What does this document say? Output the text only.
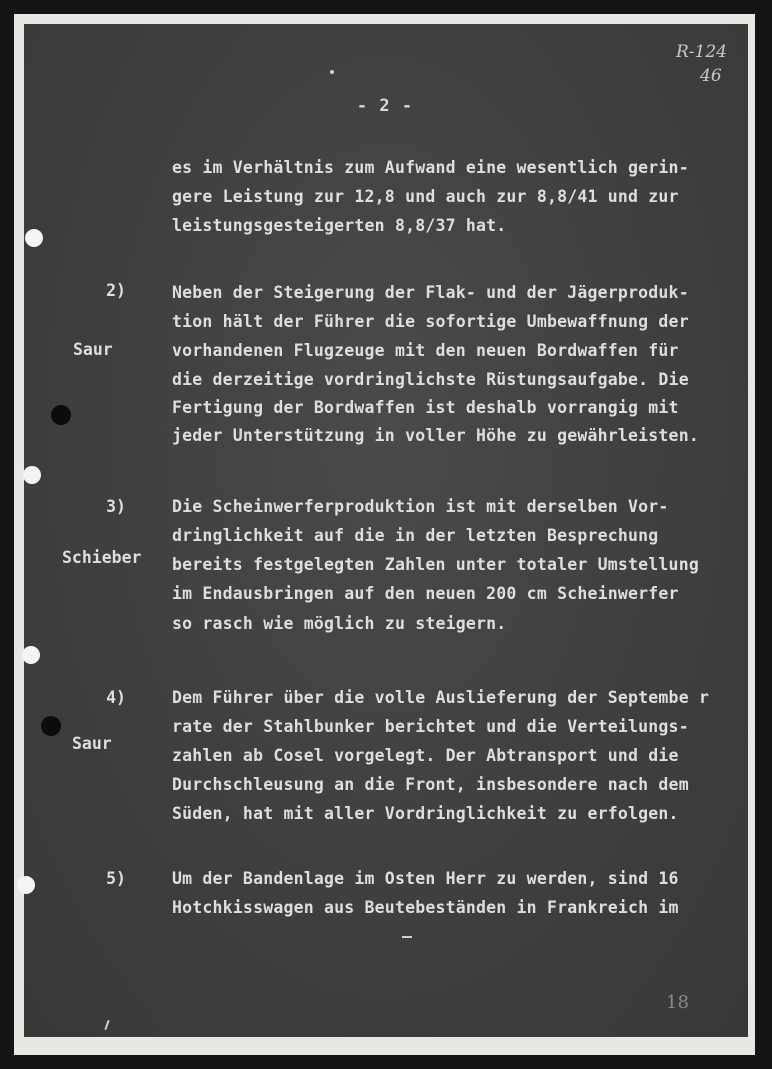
R-124
46
- 2 -
es im Verhältnis zum Aufwand eine wesentlich gerin-
gere Leistung zur 12,8 und auch zur 8,8/41 und zur
leistungsgesteigerten 8,8/37 hat.
2)
Saur
Neben der Steigerung der Flak- und der Jägerproduk-
tion hält der Führer die sofortige Umbewaffnung der
vorhandenen Flugzeuge mit den neuen Bordwaffen für
die derzeitige vordringlichste Rüstungsaufgabe. Die
Fertigung der Bordwaffen ist deshalb vorrangig mit
jeder Unterstützung in voller Höhe zu gewährleisten.
3)
Schieber
Die Scheinwerferproduktion ist mit derselben Vor-
dringlichkeit auf die in der letzten Besprechung
bereits festgelegten Zahlen unter totaler Umstellung
im Endausbringen auf den neuen 200 cm Scheinwerfer
so rasch wie möglich zu steigern.
4)
Saur
Dem Führer über die volle Auslieferung der Septembe r
rate der Stahlbunker berichtet und die Verteilungs-
zahlen ab Cosel vorgelegt. Der Abtransport und die
Durchschleusung an die Front, insbesondere nach dem
Süden, hat mit aller Vordringlichkeit zu erfolgen.
5)	Um der Bandenlage im Osten Herr zu werden, sind 16
Hotchkisswagen aus Beutebeständen in Frankreich im
18
